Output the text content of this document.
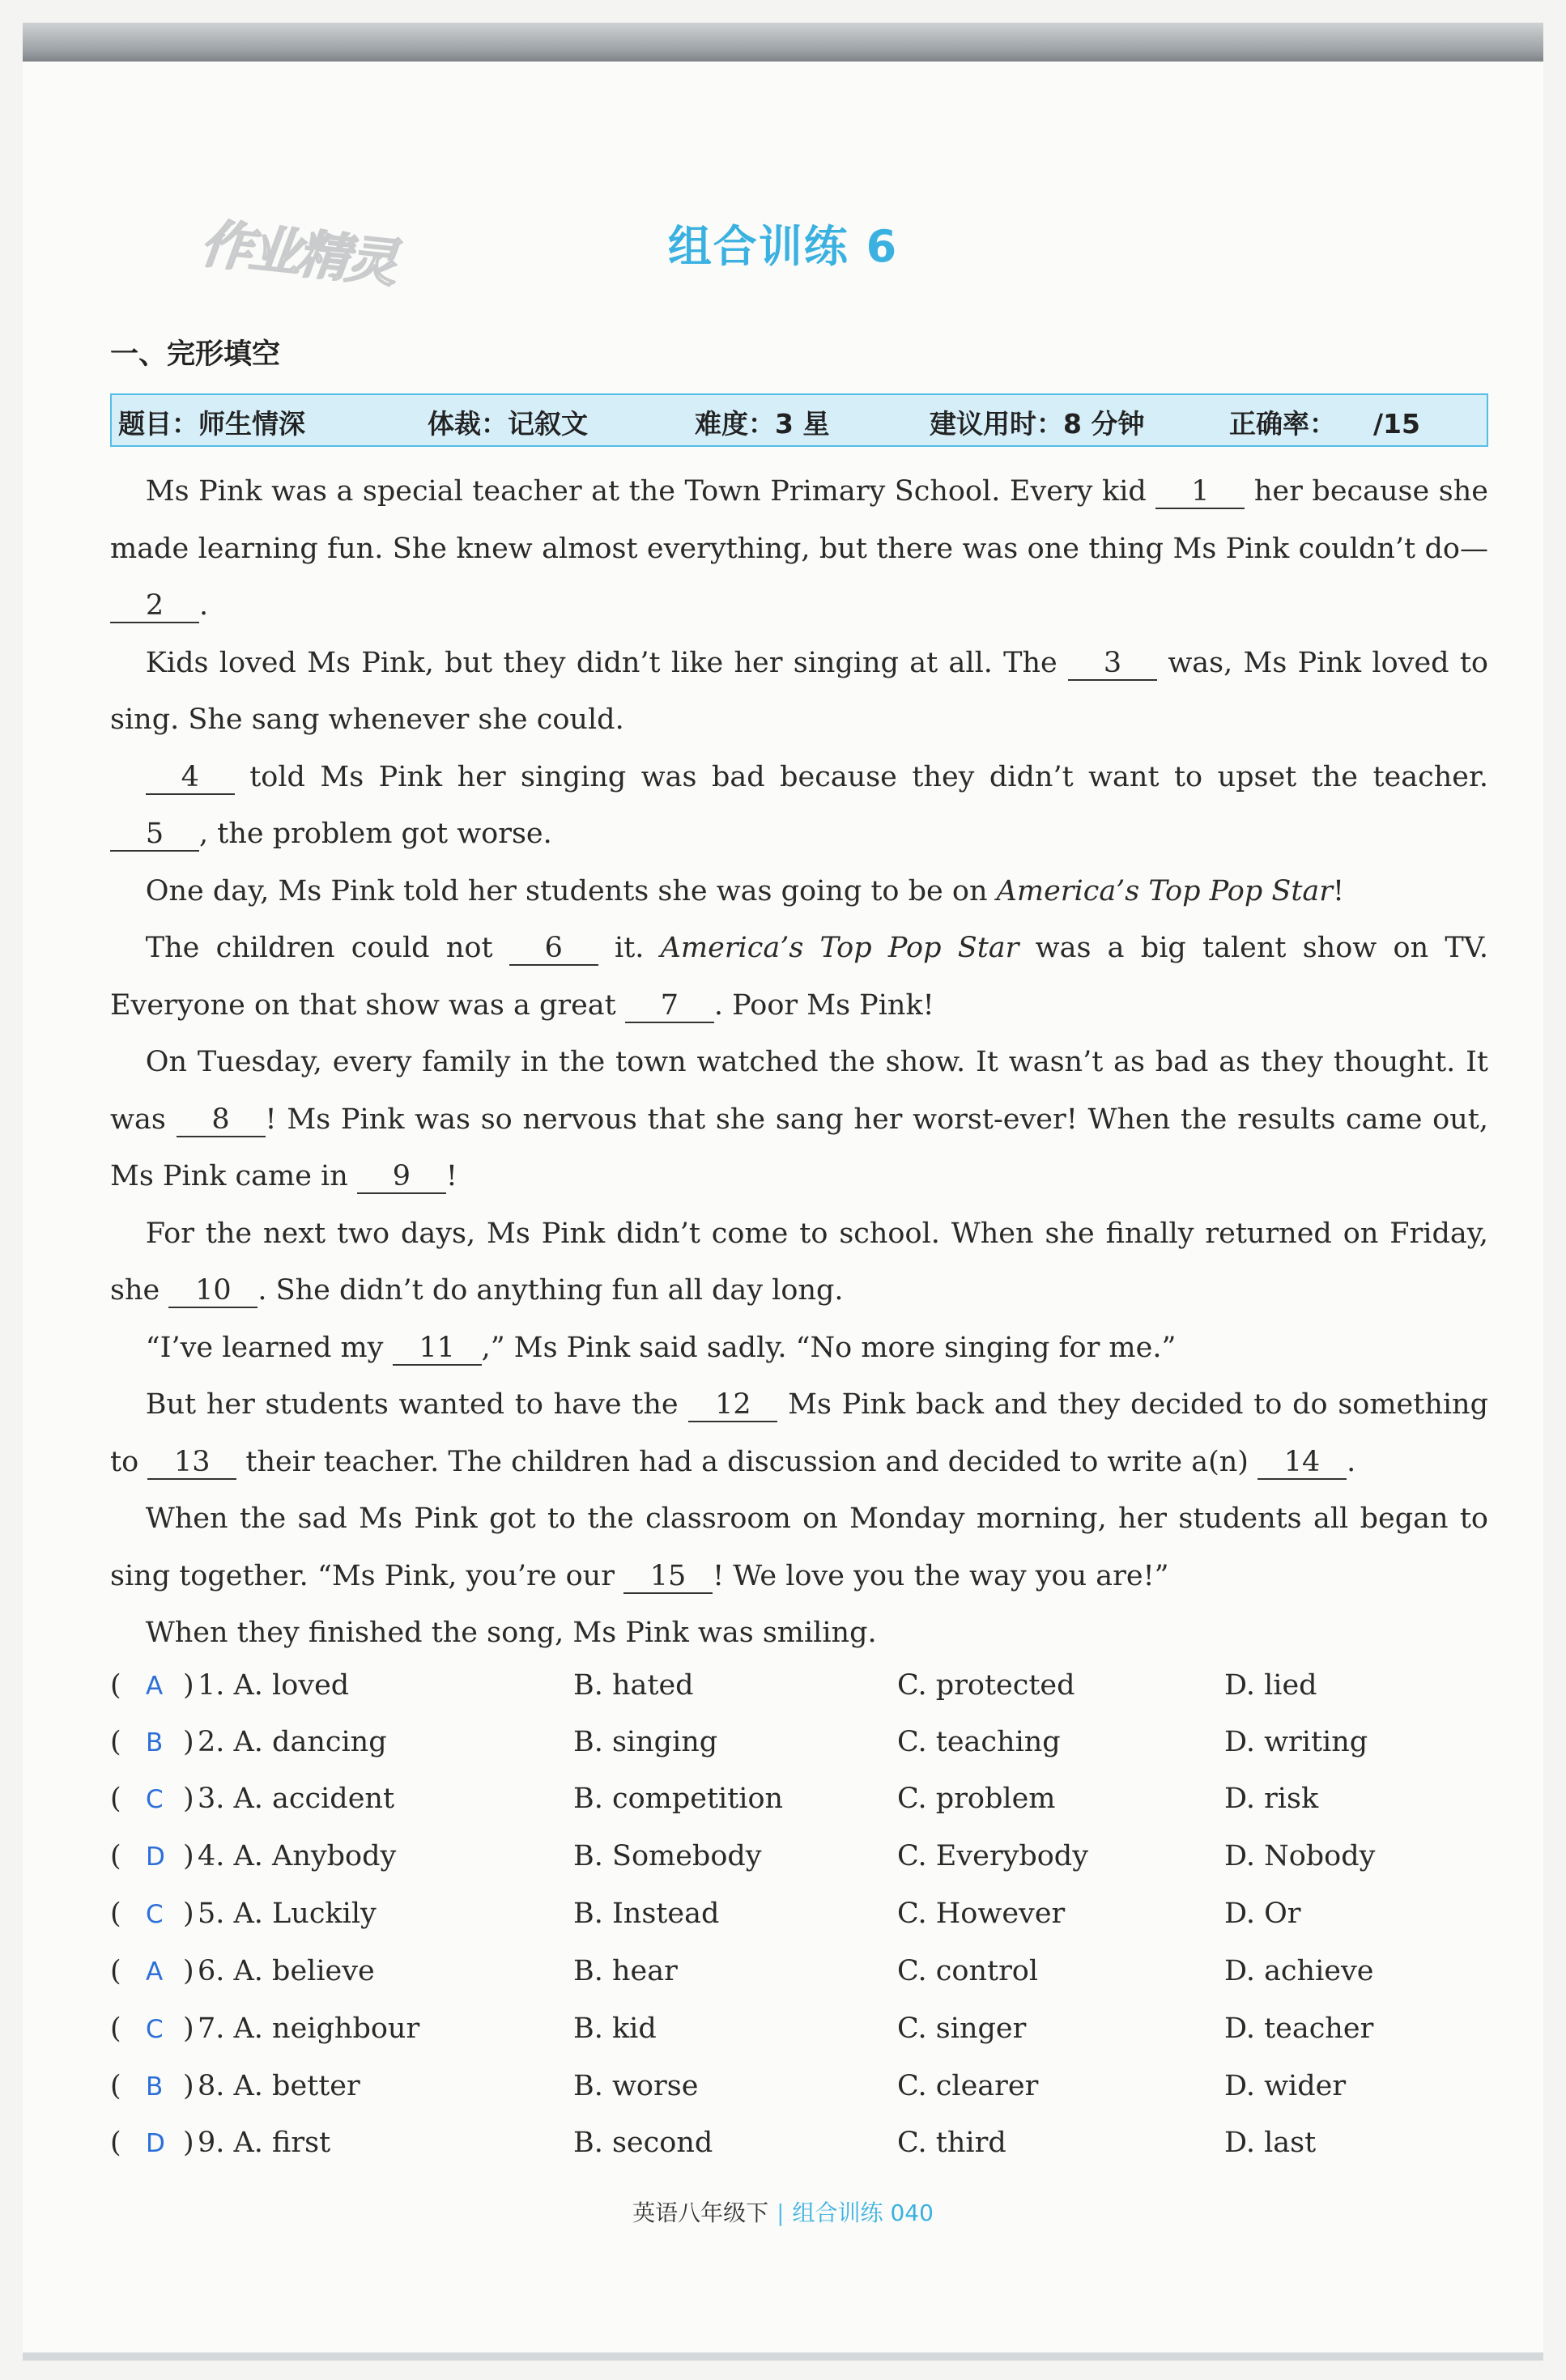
作业精灵	组合训练 6
一、完形填空
题目：师生情深	体裁：记叙文	难度：3 星	建议用时：8 分钟	正确率：    /15

Ms Pink was a special teacher at the Town Primary School. Every kid 1 her because she made learning fun. She knew almost everything, but there was one thing Ms Pink couldn’t do—2 .

Kids loved Ms Pink, but they didn’t like her singing at all. The 3 was, Ms Pink loved to sing. She sang whenever she could.

4 told Ms Pink her singing was bad because they didn’t want to upset the teacher. 5 , the problem got worse.

One day, Ms Pink told her students she was going to be on America’s Top Pop Star!

The children could not 6 it. America’s Top Pop Star was a big talent show on TV. Everyone on that show was a great 7 . Poor Ms Pink!

On Tuesday, every family in the town watched the show. It wasn’t as bad as they thought. It was 8 ! Ms Pink was so nervous that she sang her worst-ever! When the results came out, Ms Pink came in 9 !

For the next two days, Ms Pink didn’t come to school. When she finally returned on Friday, she 10 . She didn’t do anything fun all day long.

“I’ve learned my 11 ,” Ms Pink said sadly. “No more singing for me.”

But her students wanted to have the 12 Ms Pink back and they decided to do something to 13 their teacher. The children had a discussion and decided to write a(n) 14 .

When the sad Ms Pink got to the classroom on Monday morning, her students all began to sing together. “Ms Pink, you’re our 15 ! We love you the way you are!”

When they finished the song, Ms Pink was smiling.

( A ) 1. A. loved	B. hated	C. protected	D. lied
( B ) 2. A. dancing	B. singing	C. teaching	D. writing
( C ) 3. A. accident	B. competition	C. problem	D. risk
( D ) 4. A. Anybody	B. Somebody	C. Everybody	D. Nobody
( C ) 5. A. Luckily	B. Instead	C. However	D. Or
( A ) 6. A. believe	B. hear	C. control	D. achieve
( C ) 7. A. neighbour	B. kid	C. singer	D. teacher
( B ) 8. A. better	B. worse	C. clearer	D. wider
( D ) 9. A. first	B. second	C. third	D. last
英语八年级下 | 组合训练 040
